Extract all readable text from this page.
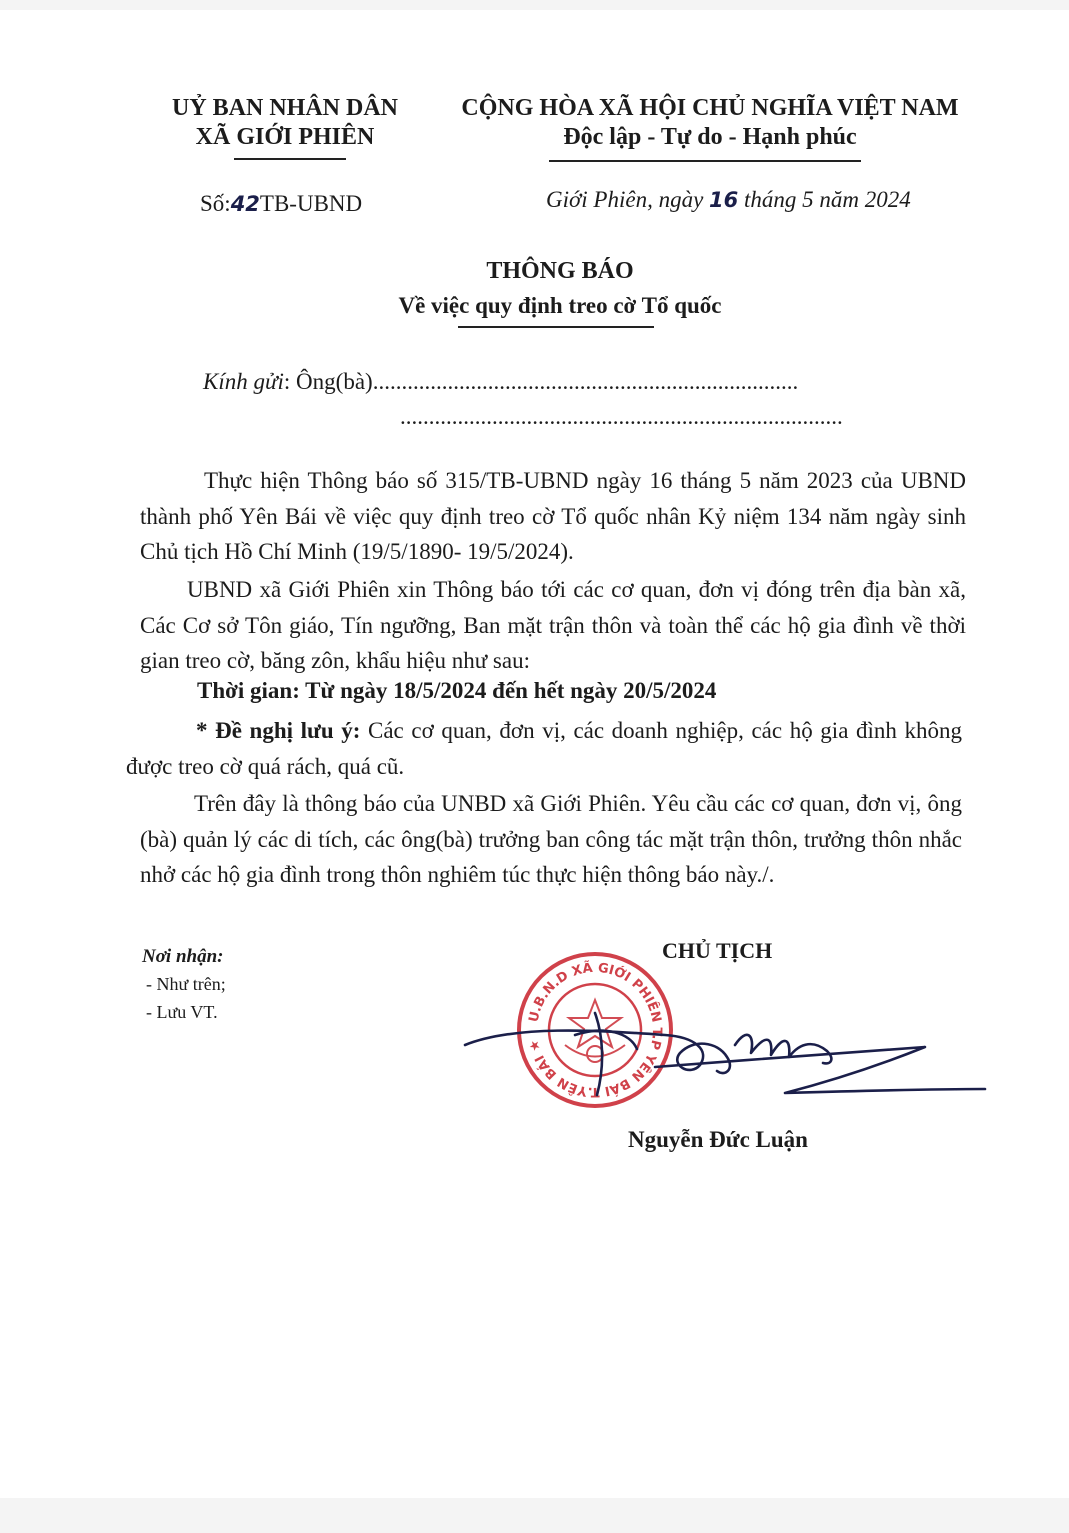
UỶ BAN NHÂN DÂN
XÃ GIỚI PHIÊN
CỘNG HÒA XÃ HỘI CHỦ NGHĨA VIỆT NAM
Độc lập - Tự do - Hạnh phúc
Số:42TB-UBND	Giới Phiên, ngày 16 tháng 5 năm 2024
THÔNG BÁO
Về việc quy định treo cờ Tổ quốc
Kính gửi: Ông(bà)..........................................................................
.............................................................................
Thực hiện Thông báo số 315/TB-UBND ngày 16 tháng 5 năm 2023 của UBND thành phố Yên Bái về việc quy định treo cờ Tổ quốc nhân Kỷ niệm 134 năm ngày sinh Chủ tịch Hồ Chí Minh (19/5/1890- 19/5/2024).
UBND xã Giới Phiên xin Thông báo tới các cơ quan, đơn vị đóng trên địa bàn xã, Các Cơ sở Tôn giáo, Tín ngưỡng, Ban mặt trận thôn và toàn thể các hộ gia đình về thời gian treo cờ, băng zôn, khẩu hiệu như sau:
Thời gian: Từ ngày 18/5/2024 đến hết ngày 20/5/2024
* Đề nghị lưu ý: Các cơ quan, đơn vị, các doanh nghiệp, các hộ gia đình không được treo cờ quá rách, quá cũ.
Trên đây là thông báo của UNBD xã Giới Phiên. Yêu cầu các cơ quan, đơn vị, ông (bà) quản lý các di tích, các ông(bà) trưởng ban công tác mặt trận thôn, trưởng thôn nhắc nhở các hộ gia đình trong thôn nghiêm túc thực hiện thông báo này./.
Nơi nhận:
- Như trên;
- Lưu VT.
CHỦ TỊCH
U.B.N.D XÃ GIỚI PHIÊN T.P YÊN BÁI T.YÊN BÁI ★
Nguyễn Đức Luận
